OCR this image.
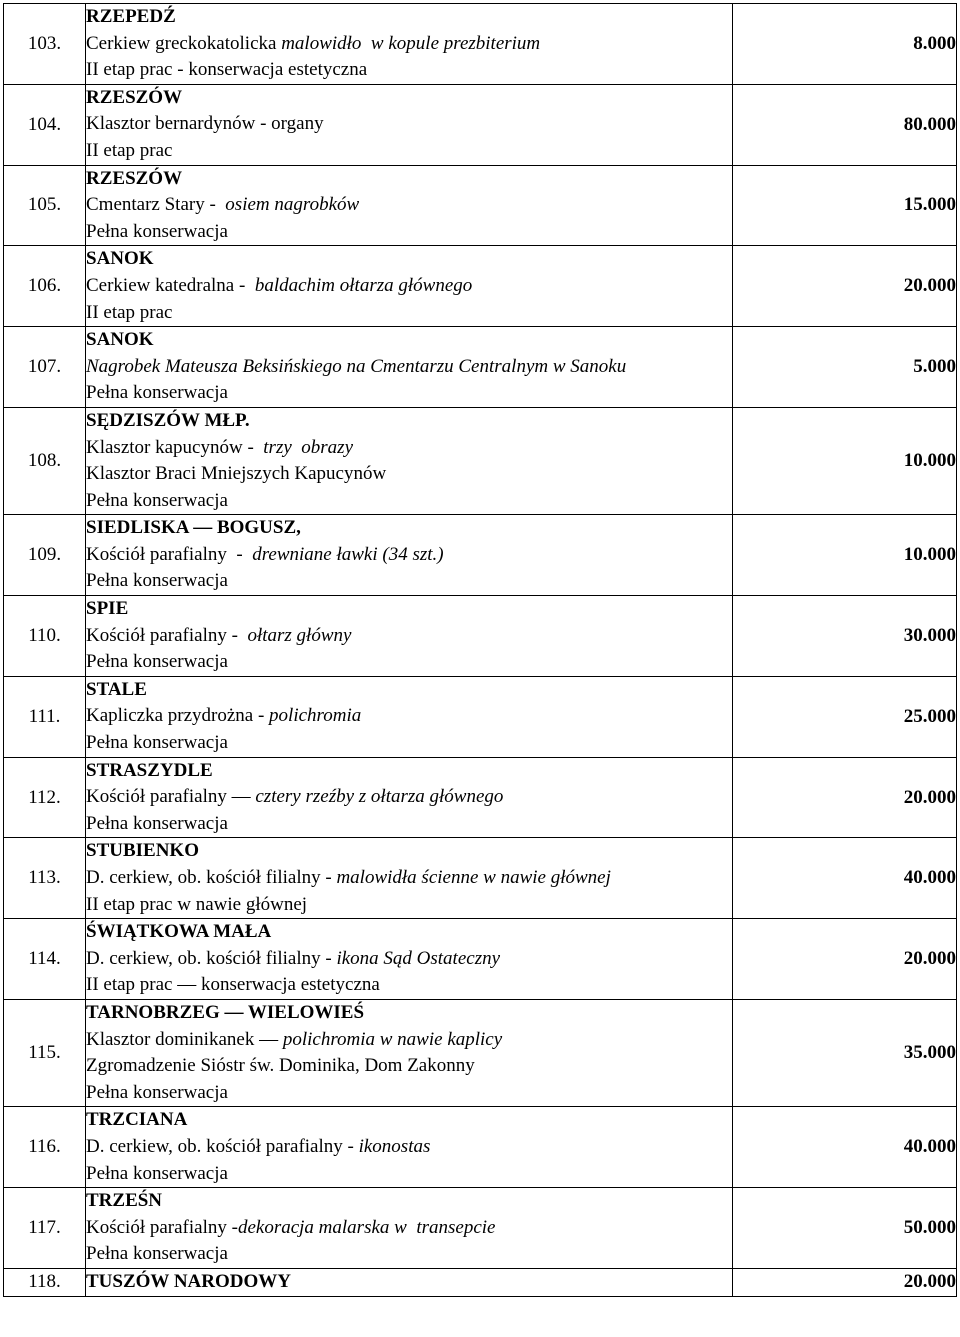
103.	RZEPEDŹ
Cerkiew greckokatolicka malowidło  w kopule prezbiterium
II etap prac - konserwacja estetyczna	8.000
104.	RZESZÓW
Klasztor bernardynów - organy
II etap prac	80.000
105.	RZESZÓW
Cmentarz Stary -  osiem nagrobków
Pełna konserwacja	15.000
106.	SANOK
Cerkiew katedralna -  baldachim ołtarza głównego
II etap prac	20.000
107.	SANOK
Nagrobek Mateusza Beksińskiego na Cmentarzu Centralnym w Sanoku
Pełna konserwacja	5.000
108.	SĘDZISZÓW MŁP.
Klasztor kapucynów -  trzy  obrazy
Klasztor Braci Mniejszych Kapucynów
Pełna konserwacja	10.000
109.	SIEDLISKA — BOGUSZ,
Kościół parafialny  -  drewniane ławki (34 szt.)
Pełna konserwacja	10.000
110.	SPIE
Kościół parafialny -  ołtarz główny
Pełna konserwacja	30.000
111.	STALE
Kapliczka przydrożna - polichromia
Pełna konserwacja	25.000
112.	STRASZYDLE
Kościół parafialny — cztery rzeźby z ołtarza głównego
Pełna konserwacja	20.000
113.	STUBIENKO
D. cerkiew, ob. kościół filialny - malowidła ścienne w nawie głównej
II etap prac w nawie głównej	40.000
114.	ŚWIĄTKOWA MAŁA
D. cerkiew, ob. kościół filialny - ikona Sąd Ostateczny
II etap prac — konserwacja estetyczna	20.000
115.	TARNOBRZEG — WIELOWIEŚ
Klasztor dominikanek — polichromia w nawie kaplicy
Zgromadzenie Sióstr św. Dominika, Dom Zakonny
Pełna konserwacja	35.000
116.	TRZCIANA
D. cerkiew, ob. kościół parafialny - ikonostas
Pełna konserwacja	40.000
117.	TRZEŚN
Kościół parafialny -dekoracja malarska w  transepcie
Pełna konserwacja	50.000
118.	TUSZÓW NARODOWY	20.000
